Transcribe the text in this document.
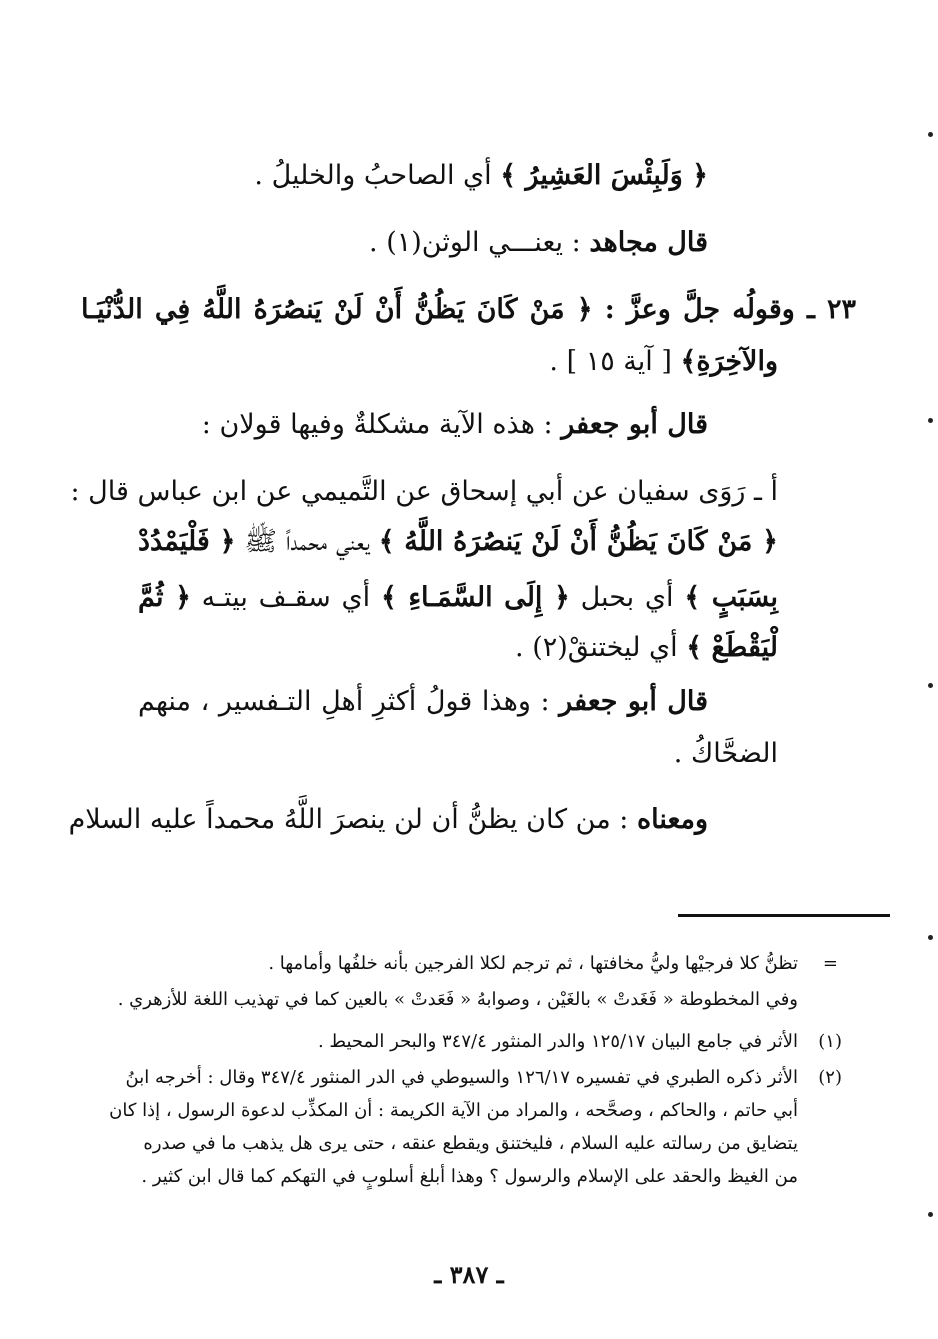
﴿ وَلَبِئْسَ العَشِيرُ ﴾ أي الصاحبُ والخليلُ .
قال مجاهد : يعنـــي الوثن(١) .
٢٣ ـ وقولُه جلَّ وعزَّ : ﴿ مَنْ كَانَ يَظُنُّ أَنْ لَنْ يَنصُرَهُ اللَّهُ فِي الدُّنْيَـا
والآخِرَةِ﴾ [ آية ١٥ ] .
قال أبو جعفر : هذه الآية مشكلةٌ وفيها قولان :
أ ـ رَوَى سفيان عن أبي إسحاق عن التَّميمي عن ابن عباس قال :
﴿ مَنْ كَانَ يَظُنُّ أَنْ لَنْ يَنصُرَهُ اللَّهُ ﴾ يعني محمداً ﷺ ﴿ فَلْيَمْدُدْ
بِسَبَبٍ ﴾ أي بحبل ﴿ إِلَى السَّمَـاءِ ﴾ أي سقـف بيتـه ﴿ ثُمَّ
لْيَقْطَعْ ﴾ أي ليختنقْ(٢) .
قال أبو جعفر : وهذا قولُ أكثرِ أهلِ التـفسير ، منهم
الضحَّاكُ .
ومعناه : من كان يظنُّ أن لن ينصرَ اللَّهُ محمداً عليه السلام
=
تظنُّ كلا فرجيْها وليُّ مخافتها ، ثم ترجم لكلا الفرجين بأنه خلفُها وأمامها .
وفي المخطوطة « فَغَدتْ » بالغَيْن ، وصوابهُ « فَعَدتْ » بالعين كما في تهذيب اللغة للأزهري .
(١)
الأثر في جامع البيان ١٢٥/١٧ والدر المنثور ٣٤٧/٤ والبحر المحيط .
(٢)
الأثر ذكره الطبري في تفسيره ١٢٦/١٧ والسيوطي في الدر المنثور ٣٤٧/٤ وقال : أخرجه ابنُ
أبي حاتم ، والحاكم ، وصحَّحه ، والمراد من الآية الكريمة : أن المكذِّب لدعوة الرسول ، إذا كان
يتضايق من رسالته عليه السلام ، فليختنق ويقطع عنقه ، حتى يرى هل يذهب ما في صدره
من الغيظ والحقد على الإسلام والرسول ؟ وهذا أبلغ أسلوبٍ في التهكم كما قال ابن كثير .
ـ ٣٨٧ ـ
